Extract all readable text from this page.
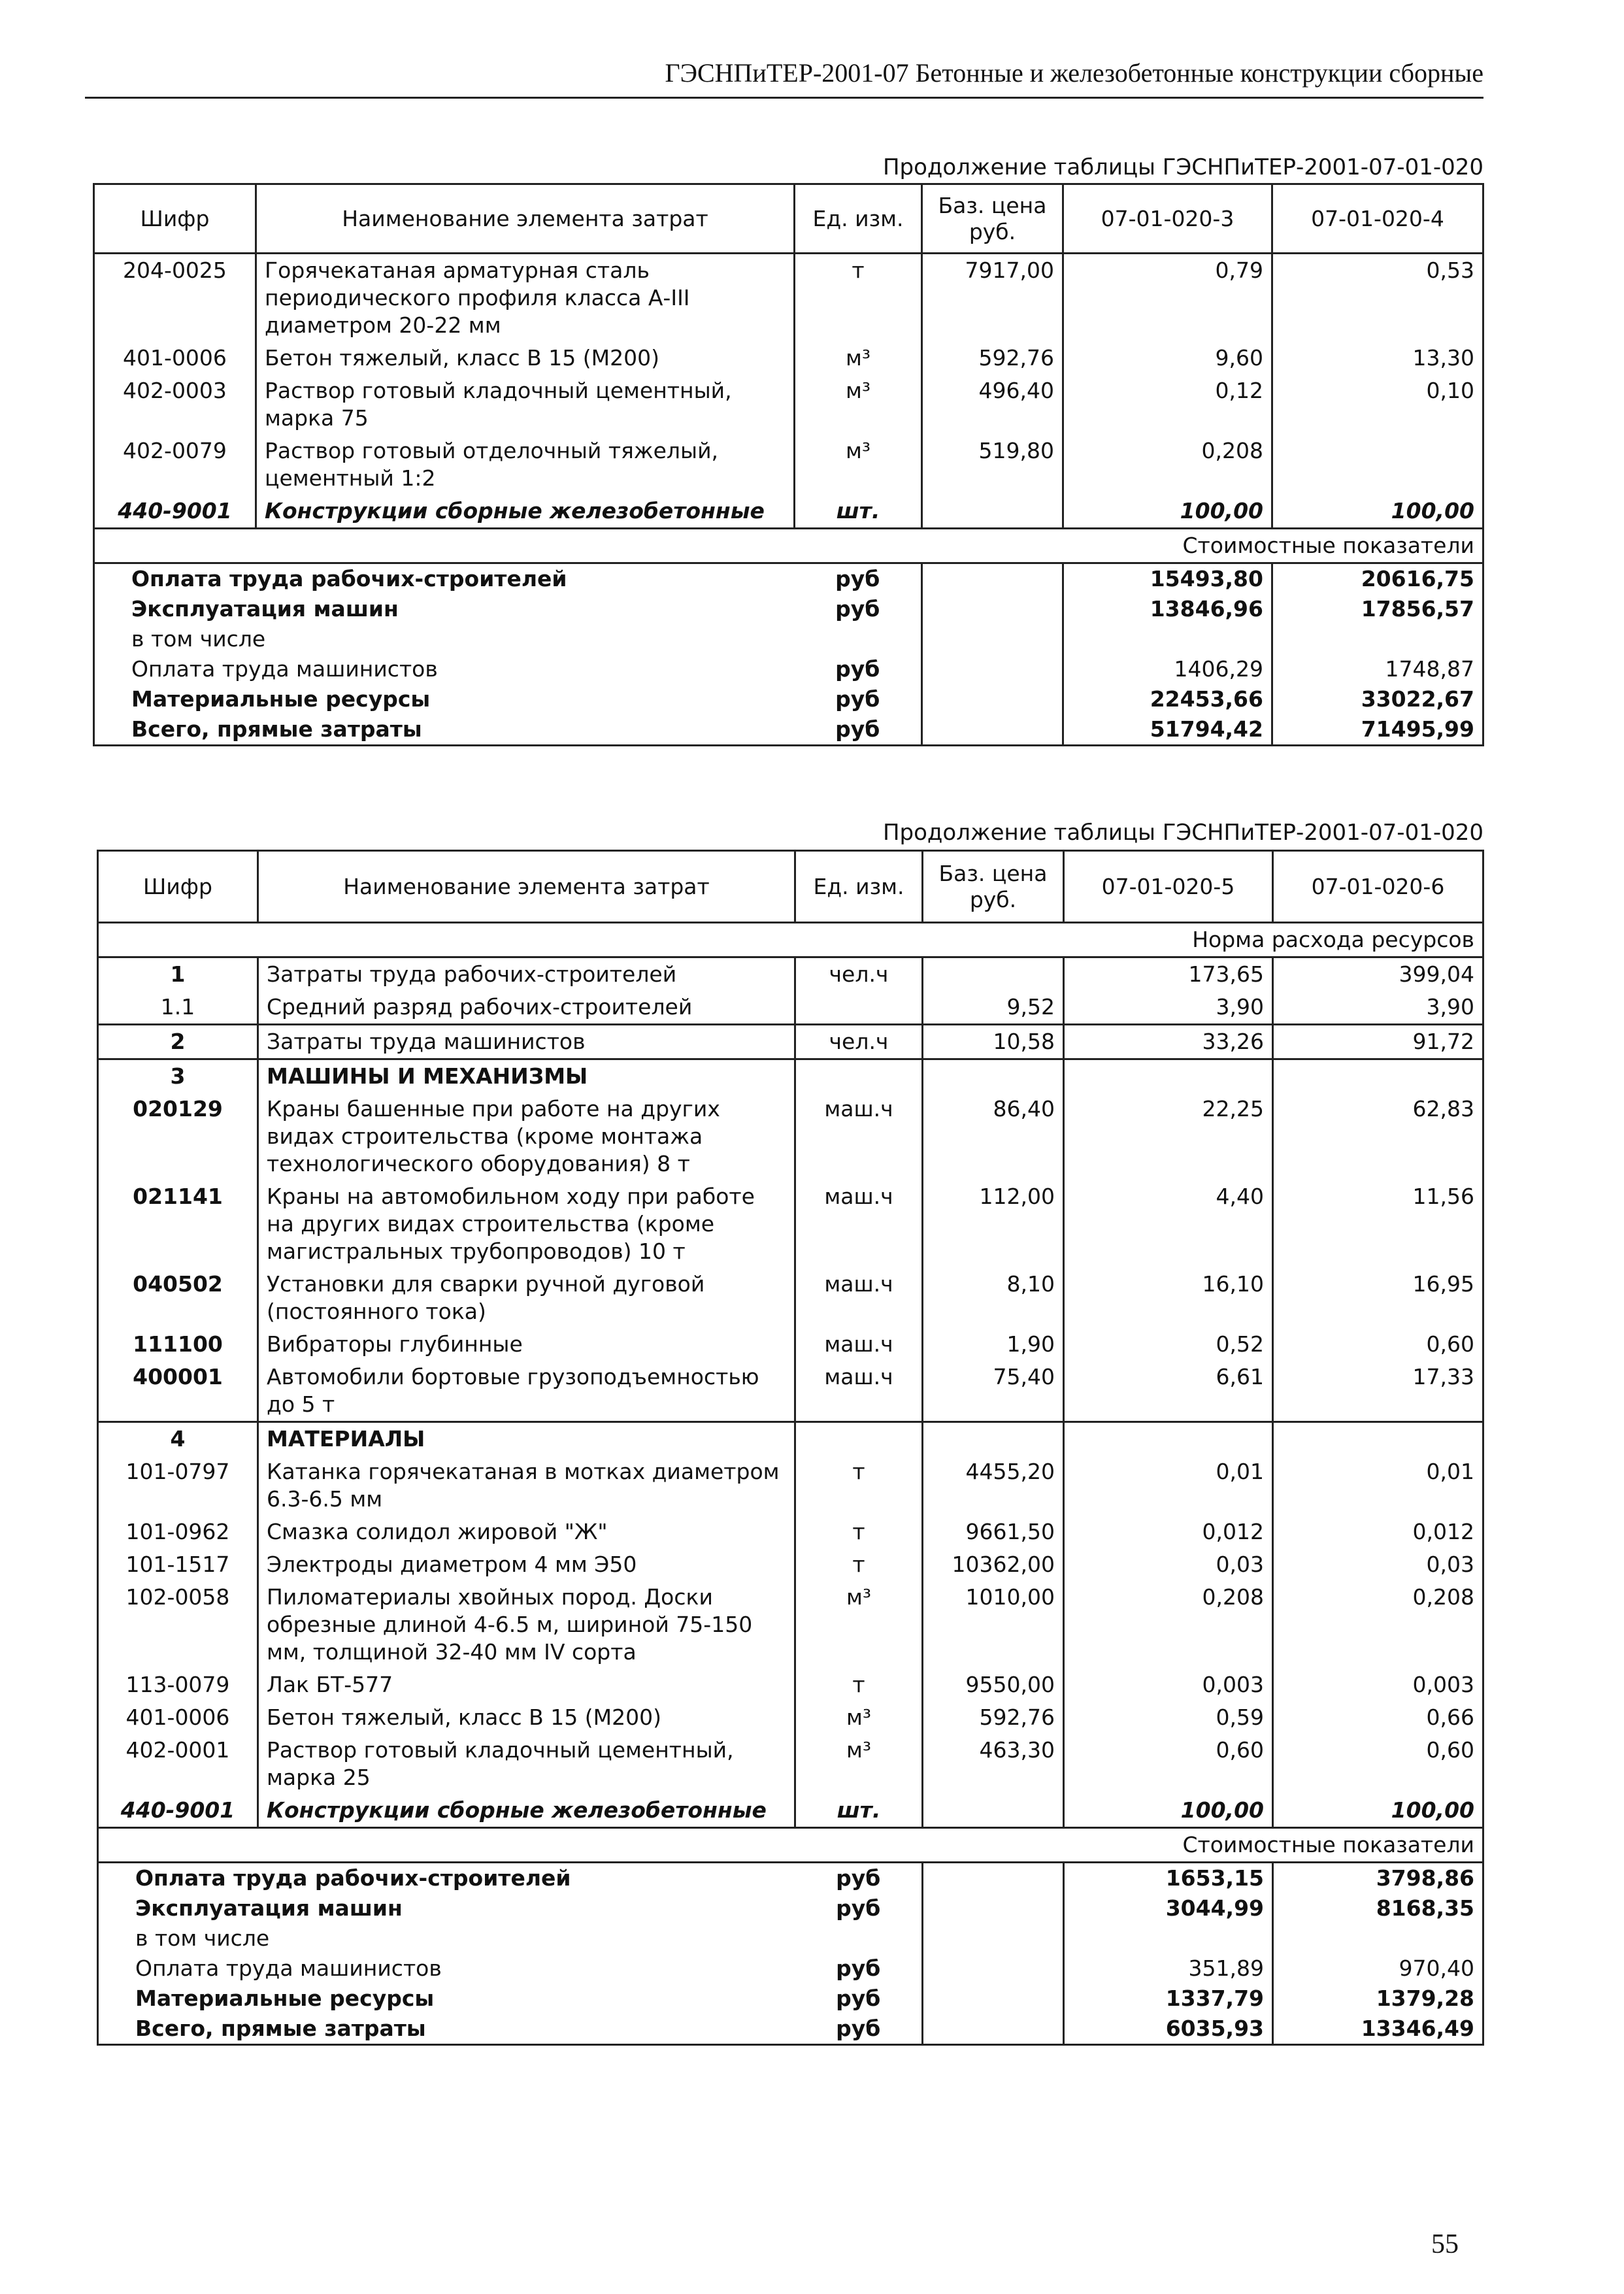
ГЭСНПиТЕР-2001-07 Бетонные и железобетонные конструкции сборные
Продолжение таблицы ГЭСНПиТЕР-2001-07-01-020
Шифр	Наименование элемента затрат	Ед. изм.	Баз. цена руб.	07-01-020-3	07-01-020-4
204-0025	Горячекатаная арматурная сталь периодического профиля класса А-III диаметром 20-22 мм	т	7917,00	0,79	0,53
401-0006	Бетон тяжелый, класс В 15 (М200)	м³	592,76	9,60	13,30
402-0003	Раствор готовый кладочный цементный, марка 75	м³	496,40	0,12	0,10
402-0079	Раствор готовый отделочный тяжелый, цементный 1:2	м³	519,80	0,208	
440-9001	Конструкции сборные железобетонные	шт.		100,00	100,00
Стоимостные показатели					
Оплата труда рабочих-строителей		руб		15493,80	20616,75
Эксплуатация машин		руб		13846,96	17856,57
в том числе					
Оплата труда машинистов		руб		1406,29	1748,87
Материальные ресурсы		руб		22453,66	33022,67
Всего, прямые затраты		руб		51794,42	71495,99
Продолжение таблицы ГЭСНПиТЕР-2001-07-01-020
Шифр	Наименование элемента затрат	Ед. изм.	Баз. цена руб.	07-01-020-5	07-01-020-6
Норма расхода ресурсов					
1	Затраты труда рабочих-строителей	чел.ч		173,65	399,04
1.1	Средний разряд рабочих-строителей		9,52	3,90	3,90
2	Затраты труда машинистов	чел.ч	10,58	33,26	91,72
3	МАШИНЫ И МЕХАНИЗМЫ				
020129	Краны башенные при работе на других видах строительства (кроме монтажа технологического оборудования) 8 т	маш.ч	86,40	22,25	62,83
021141	Краны на автомобильном ходу при работе на других видах строительства (кроме магистральных трубопроводов) 10 т	маш.ч	112,00	4,40	11,56
040502	Установки для сварки ручной дуговой (постоянного тока)	маш.ч	8,10	16,10	16,95
111100	Вибраторы глубинные	маш.ч	1,90	0,52	0,60
400001	Автомобили бортовые грузоподъемностью до 5 т	маш.ч	75,40	6,61	17,33
4	МАТЕРИАЛЫ				
101-0797	Катанка горячекатаная в мотках диаметром 6.3-6.5 мм	т	4455,20	0,01	0,01
101-0962	Смазка солидол жировой "Ж"	т	9661,50	0,012	0,012
101-1517	Электроды диаметром 4 мм Э50	т	10362,00	0,03	0,03
102-0058	Пиломатериалы хвойных пород. Доски обрезные длиной 4-6.5 м, шириной 75-150 мм, толщиной 32-40 мм IV сорта	м³	1010,00	0,208	0,208
113-0079	Лак БТ-577	т	9550,00	0,003	0,003
401-0006	Бетон тяжелый, класс В 15 (М200)	м³	592,76	0,59	0,66
402-0001	Раствор готовый кладочный цементный, марка 25	м³	463,30	0,60	0,60
440-9001	Конструкции сборные железобетонные	шт.		100,00	100,00
Стоимостные показатели					
Оплата труда рабочих-строителей		руб		1653,15	3798,86
Эксплуатация машин		руб		3044,99	8168,35
в том числе					
Оплата труда машинистов		руб		351,89	970,40
Материальные ресурсы		руб		1337,79	1379,28
Всего, прямые затраты		руб		6035,93	13346,49
55
